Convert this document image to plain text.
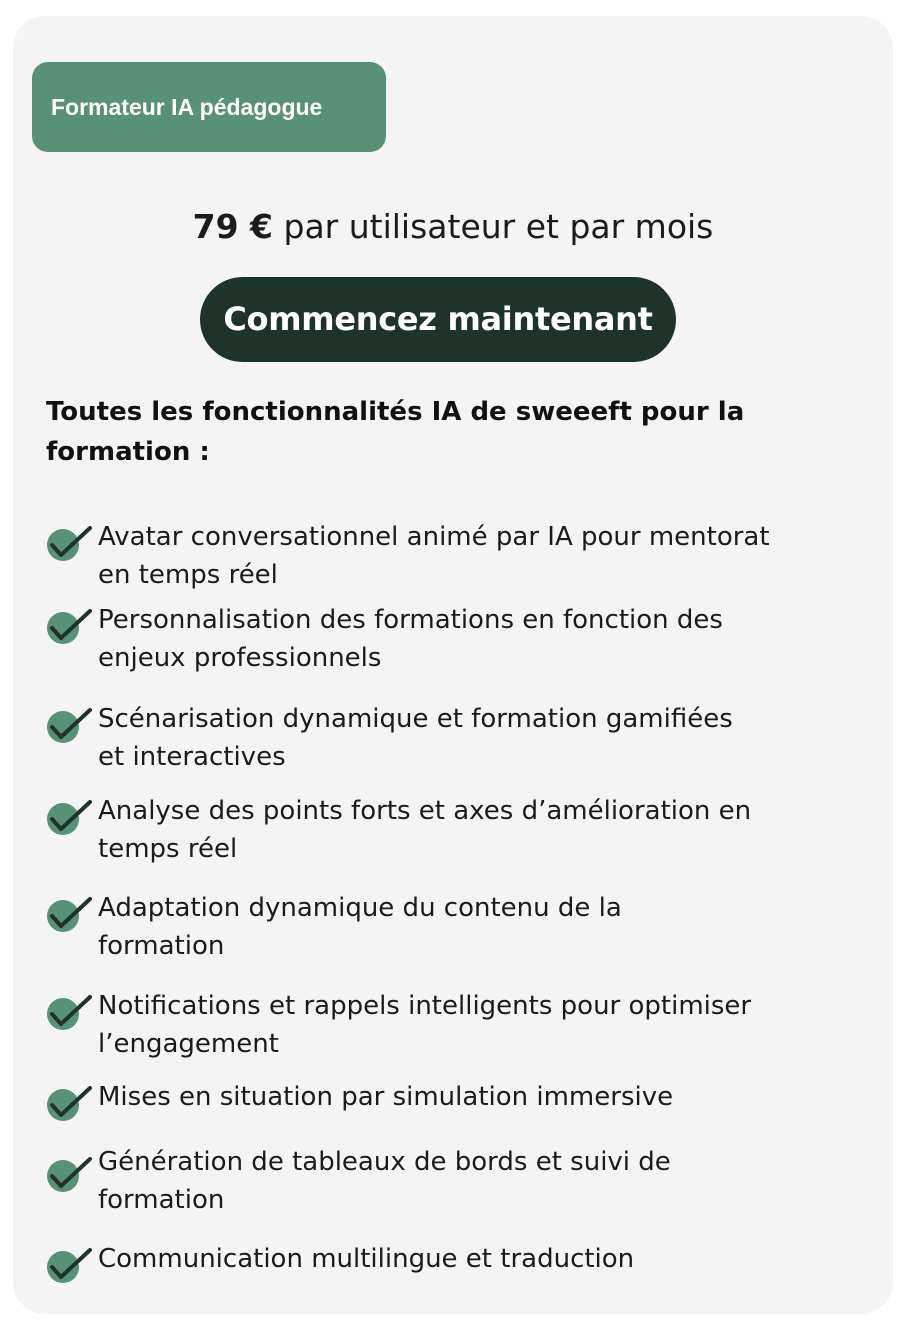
Formateur IA pédagogue
79 € par utilisateur et par mois
Commencez maintenant
Toutes les fonctionnalités IA de sweeeft pour la
formation :
Avatar conversationnel animé par IA pour mentorat
en temps réel
Personnalisation des formations en fonction des
enjeux professionnels
Scénarisation dynamique et formation gamifiées
et interactives
Analyse des points forts et axes d’amélioration en
temps réel
Adaptation dynamique du contenu de la
formation
Notifications et rappels intelligents pour optimiser
l’engagement
Mises en situation par simulation immersive
Génération de tableaux de bords et suivi de
formation
Communication multilingue et traduction
